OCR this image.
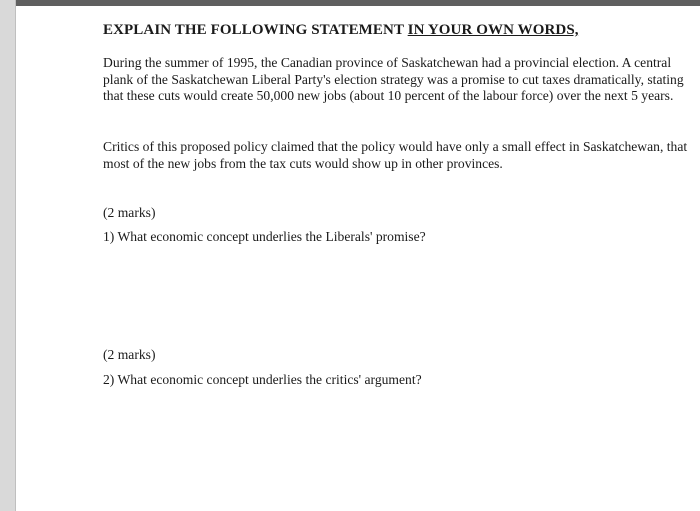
EXPLAIN THE FOLLOWING STATEMENT IN YOUR OWN WORDS,

During the summer of 1995, the Canadian province of Saskatchewan had a provincial election. A central plank of the Saskatchewan Liberal Party's election strategy was a promise to cut taxes dramatically, stating that these cuts would create 50,000 new jobs (about 10 percent of the labour force) over the next 5 years.

Critics of this proposed policy claimed that the policy would have only a small effect in Saskatchewan, that most of the new jobs from the tax cuts would show up in other provinces.

(2 marks)
1) What economic concept underlies the Liberals' promise?
(2 marks)
2) What economic concept underlies the critics' argument?
